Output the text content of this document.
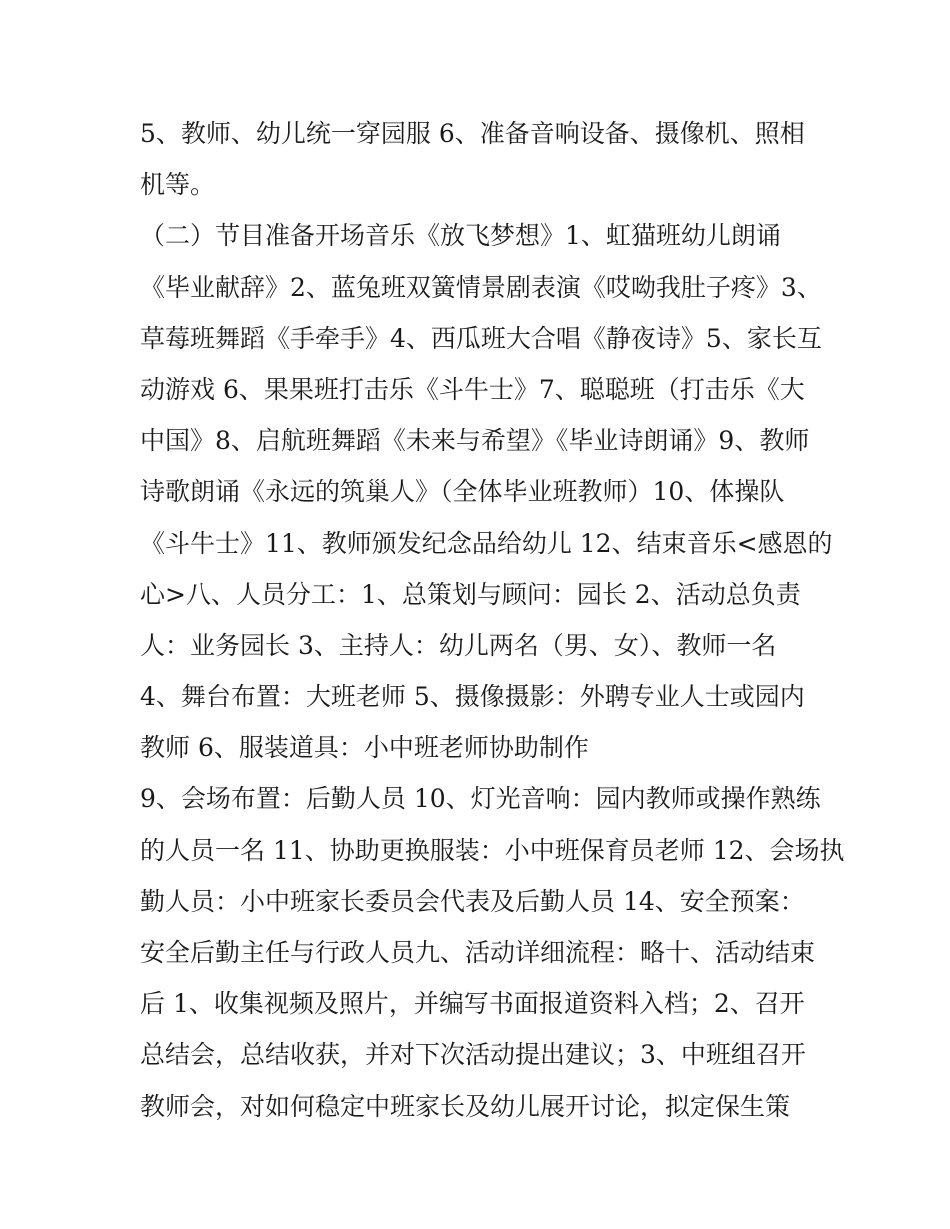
5、教师、幼儿统一穿园服 6、准备音响设备、摄像机、照相
机等。
（二）节目准备开场音乐《放飞梦想》1、虹猫班幼儿朗诵
《毕业献辞》2、蓝兔班双簧情景剧表演《哎呦我肚子疼》3、
草莓班舞蹈《手牵手》4、西瓜班大合唱《静夜诗》5、家长互
动游戏 6、果果班打击乐《斗牛士》7、聪聪班（打击乐《大
中国》8、启航班舞蹈《未来与希望》《毕业诗朗诵》9、教师
诗歌朗诵《永远的筑巢人》（全体毕业班教师）10、体操队
《斗牛士》11、教师颁发纪念品给幼儿 12、结束音乐<感恩的
心>八、人员分工：1、总策划与顾问：园长 2、活动总负责
人：业务园长 3、主持人：幼儿两名（男、女）、教师一名
4、舞台布置：大班老师 5、摄像摄影：外聘专业人士或园内
教师 6、服装道具：小中班老师协助制作
9、会场布置：后勤人员 10、灯光音响：园内教师或操作熟练
的人员一名 11、协助更换服装：小中班保育员老师 12、会场执
勤人员：小中班家长委员会代表及后勤人员 14、安全预案：
安全后勤主任与行政人员九、活动详细流程：略十、活动结束
后 1、收集视频及照片，并编写书面报道资料入档；2、召开
总结会，总结收获，并对下次活动提出建议；3、中班组召开
教师会，对如何稳定中班家长及幼儿展开讨论，拟定保生策
